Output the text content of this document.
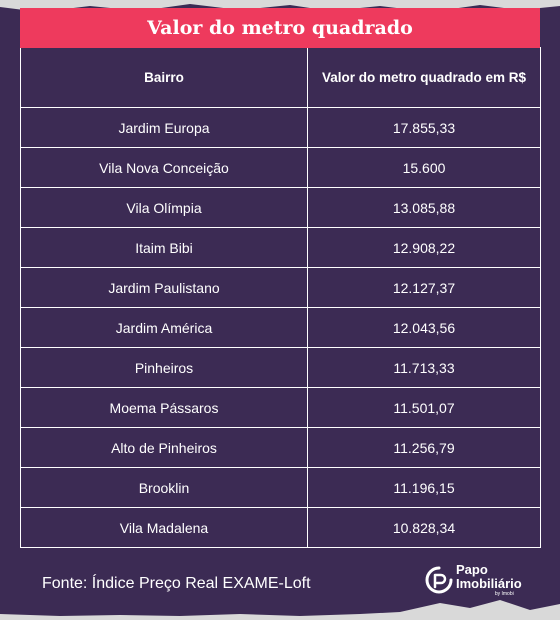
Valor do metro quadrado
Bairro	Valor do metro quadrado em R$
Jardim Europa	17.855,33
Vila Nova Conceição	15.600
Vila Olímpia	13.085,88
Itaim Bibi	12.908,22
Jardim Paulistano	12.127,37
Jardim América	12.043,56
Pinheiros	11.713,33
Moema Pássaros	11.501,07
Alto de Pinheiros	11.256,79
Brooklin	11.196,15
Vila Madalena	10.828,34
Fonte: Índice Preço Real EXAME-Loft
Papo
Imobiliário
by Imobi
